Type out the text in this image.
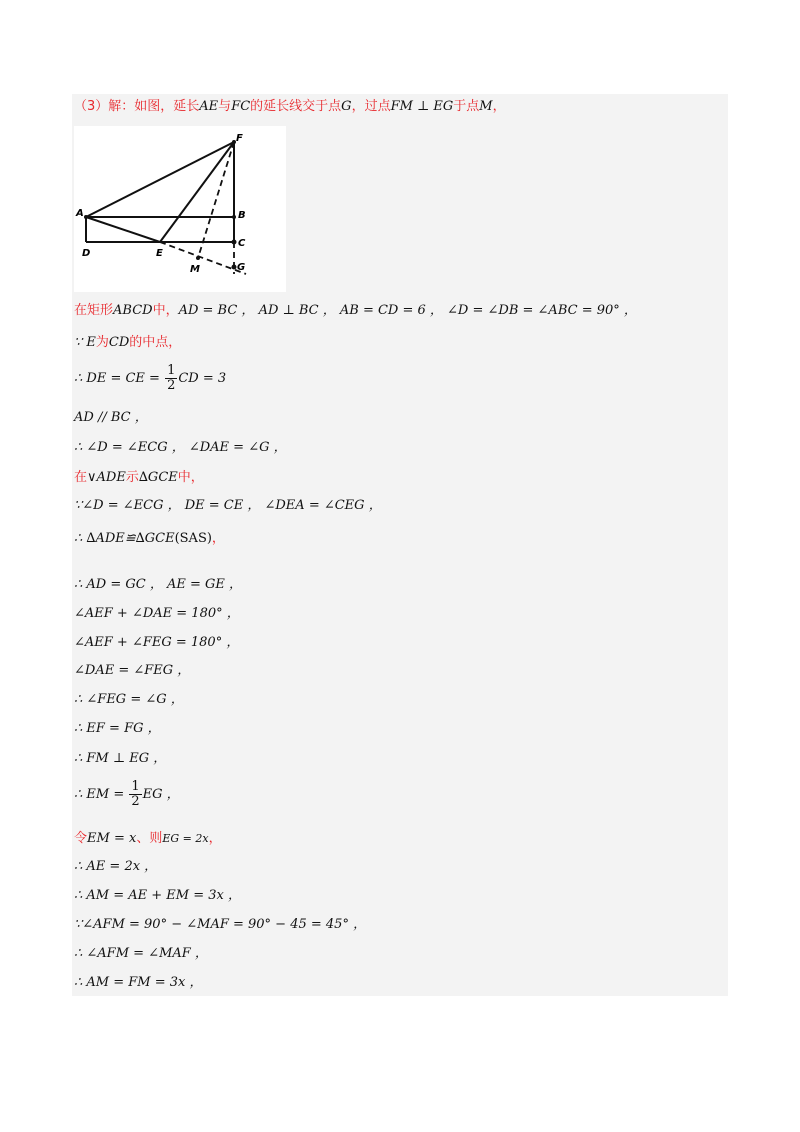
（3）解：如图，延长AE与FC的延长线交于点G，过点FM ⊥ EG于点M，
F
A	B
C
D	E
M	G
在矩形ABCD中，AD = BC ， AD ⊥ BC ， AB = CD = 6 ， ∠D = ∠DB = ∠ABC = 90° ，
∵ E为CD的中点，
∴ DE = CE = $\frac{1}{2}$ CD = 3
AD // BC ，
∴ ∠D = ∠ECG ， ∠DAE = ∠G ，
在∨ADE示∆GCE中，
∵∠D = ∠ECG ， DE = CE ， ∠DEA = ∠CEG ，
∴ ∆ADE≌∆GCE(SAS)，
∴ AD = GC ， AE = GE ，
∠AEF + ∠DAE = 180° ，
∠AEF + ∠FEG = 180° ，
∠DAE = ∠FEG ，
∴ ∠FEG = ∠G ，
∴ EF = FG ，
∴ FM ⊥ EG ，
∴ EM = $\frac{1}{2}$ EG ，
令EM = x、则EG = 2x，
∴ AE = 2x ，
∴ AM = AE + EM = 3x ，
∵∠AFM = 90° − ∠MAF = 90° − 45 = 45° ，
∴ ∠AFM = ∠MAF ，
∴ AM = FM = 3x ，
